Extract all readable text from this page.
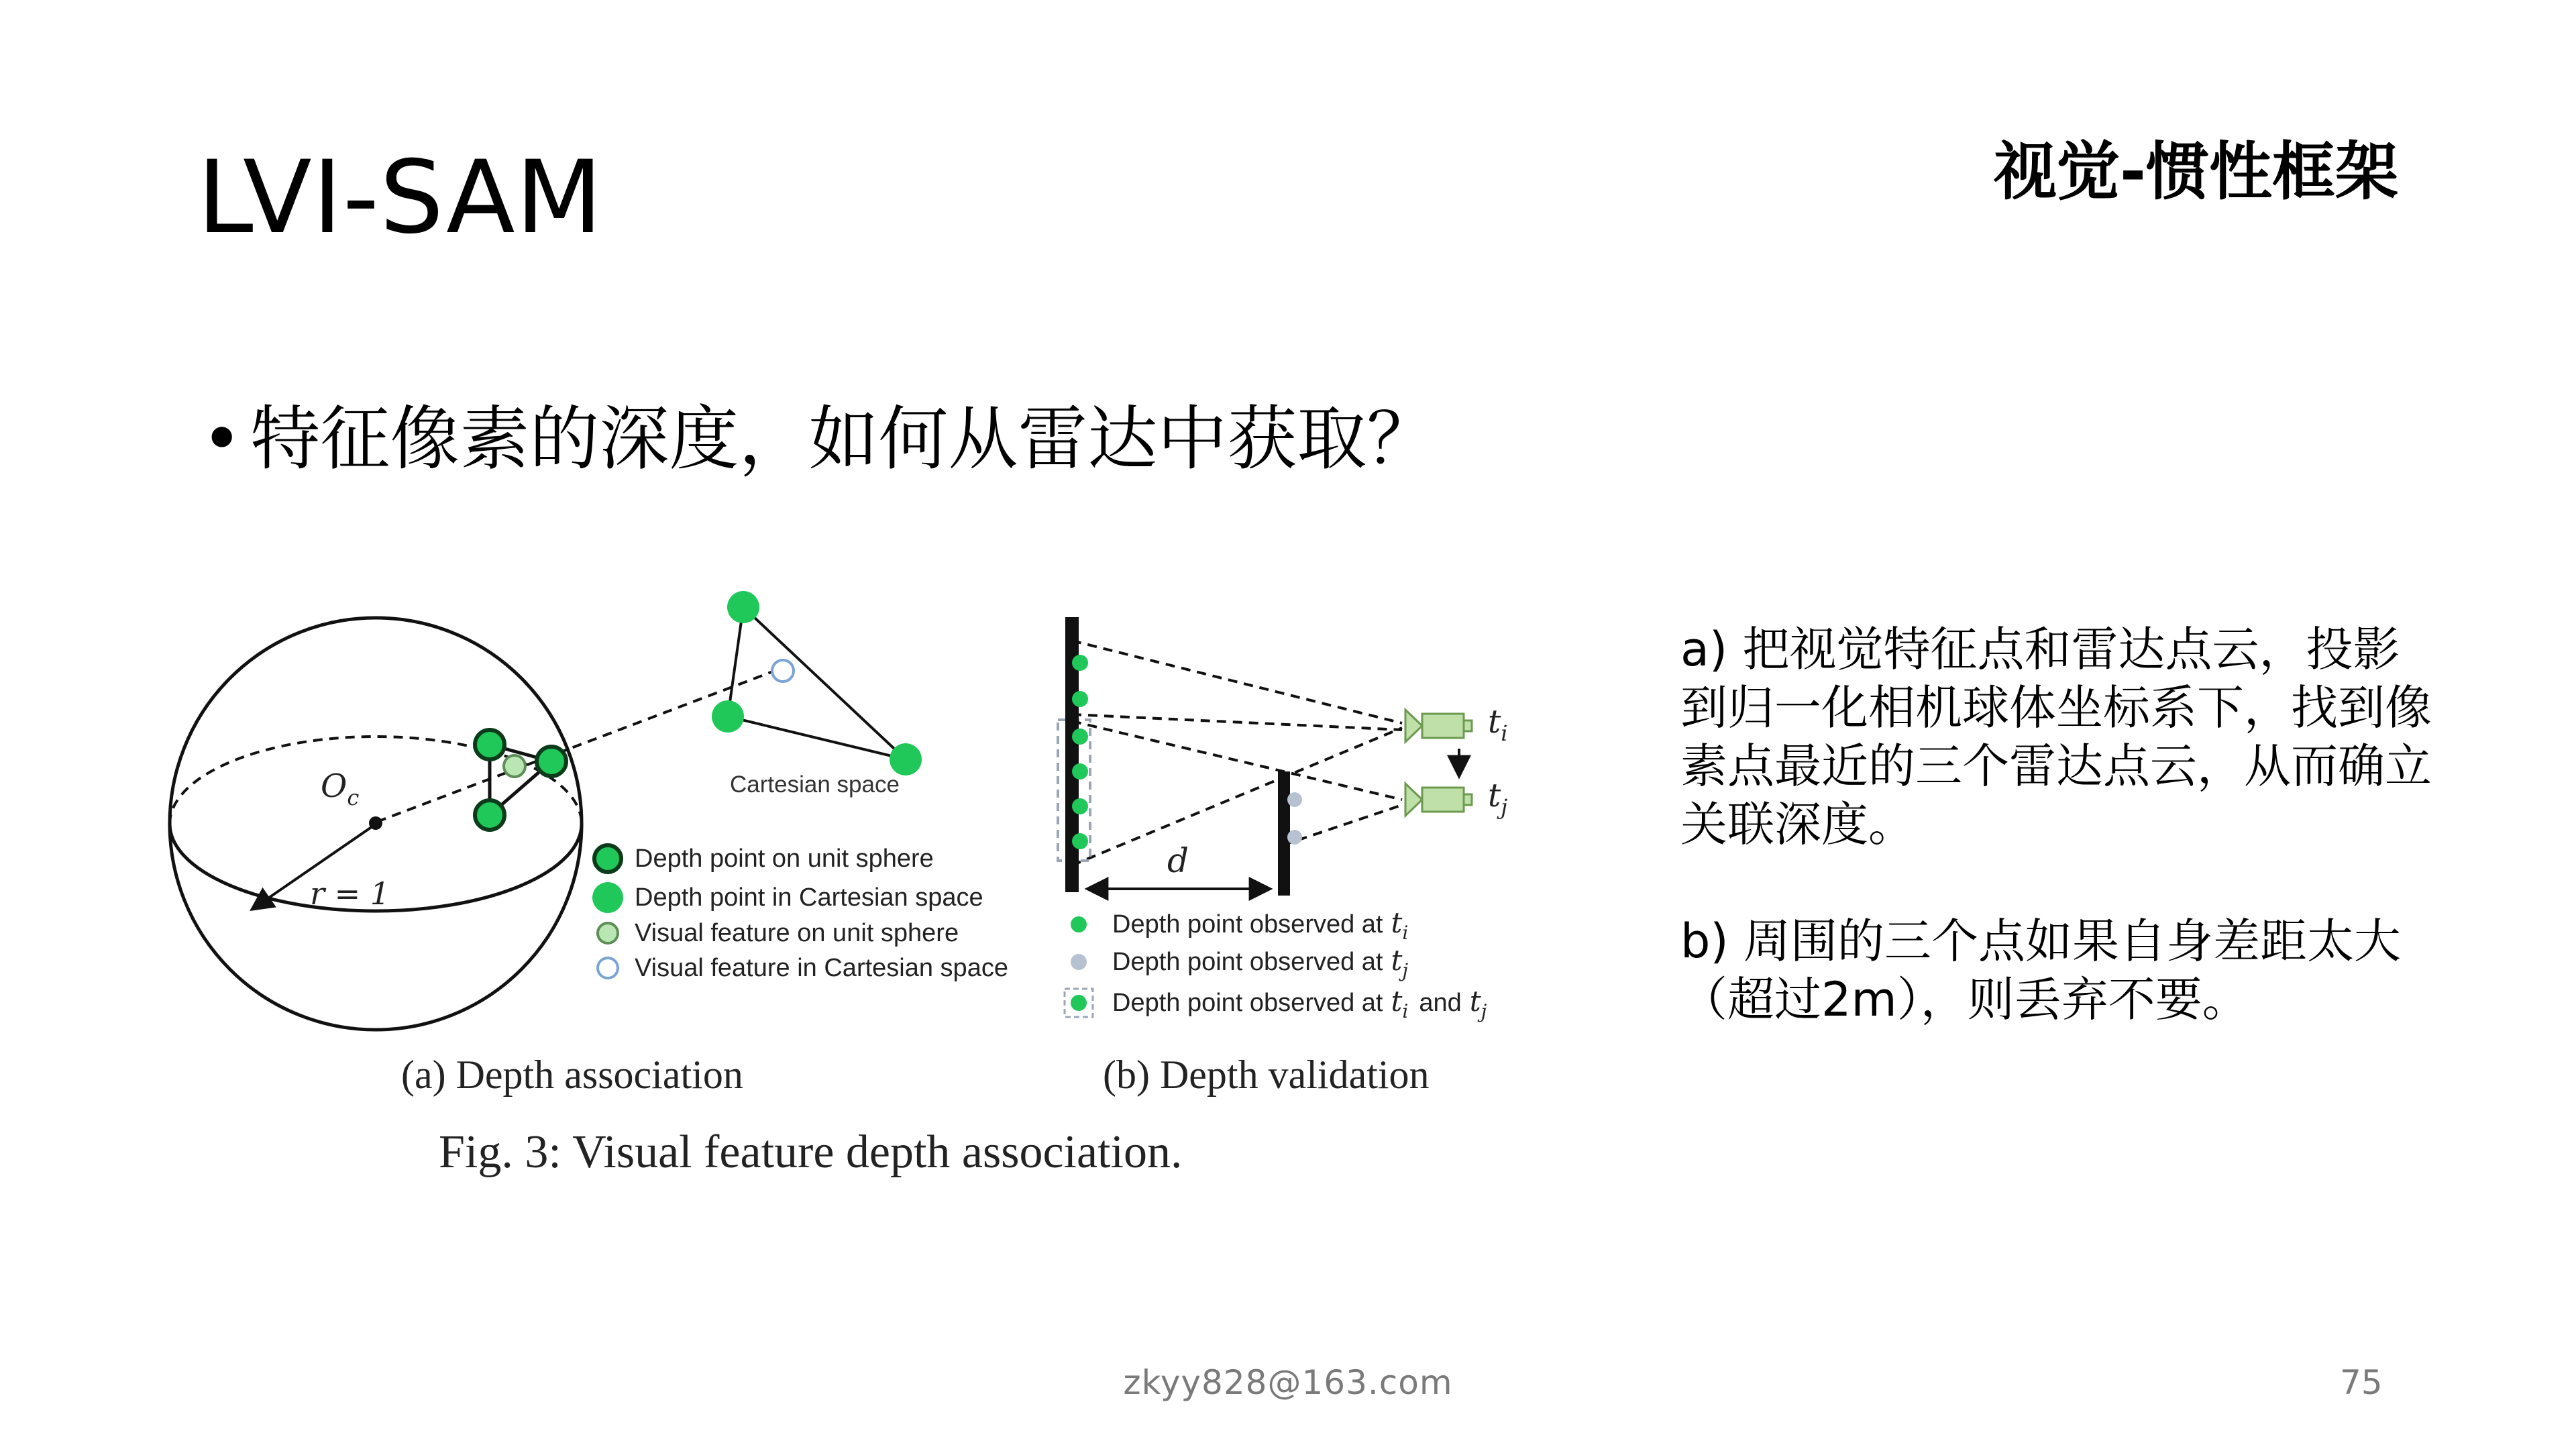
LVI-SAM	视觉-惯性框架
• 特征像素的深度，如何从雷达中获取？
$O_c$
r = 1
Cartesian space
Depth point on unit sphere
Depth point in Cartesian space
Visual feature on unit sphere
Visual feature in Cartesian space
d
$t_i$
$t_j$
Depth point observed at $t_i$
Depth point observed at $t_j$
Depth point observed at $t_i$ and $t_j$
(a) Depth association	(b) Depth validation
Fig. 3: Visual feature depth association.

a) 把视觉特征点和雷达点云，投影到归一化相机球体坐标系下，找到像素点最近的三个雷达点云，从而确立关联深度。

b) 周围的三个点如果自身差距太大（超过2m），则丢弃不要。

zkyy828@163.com	75
